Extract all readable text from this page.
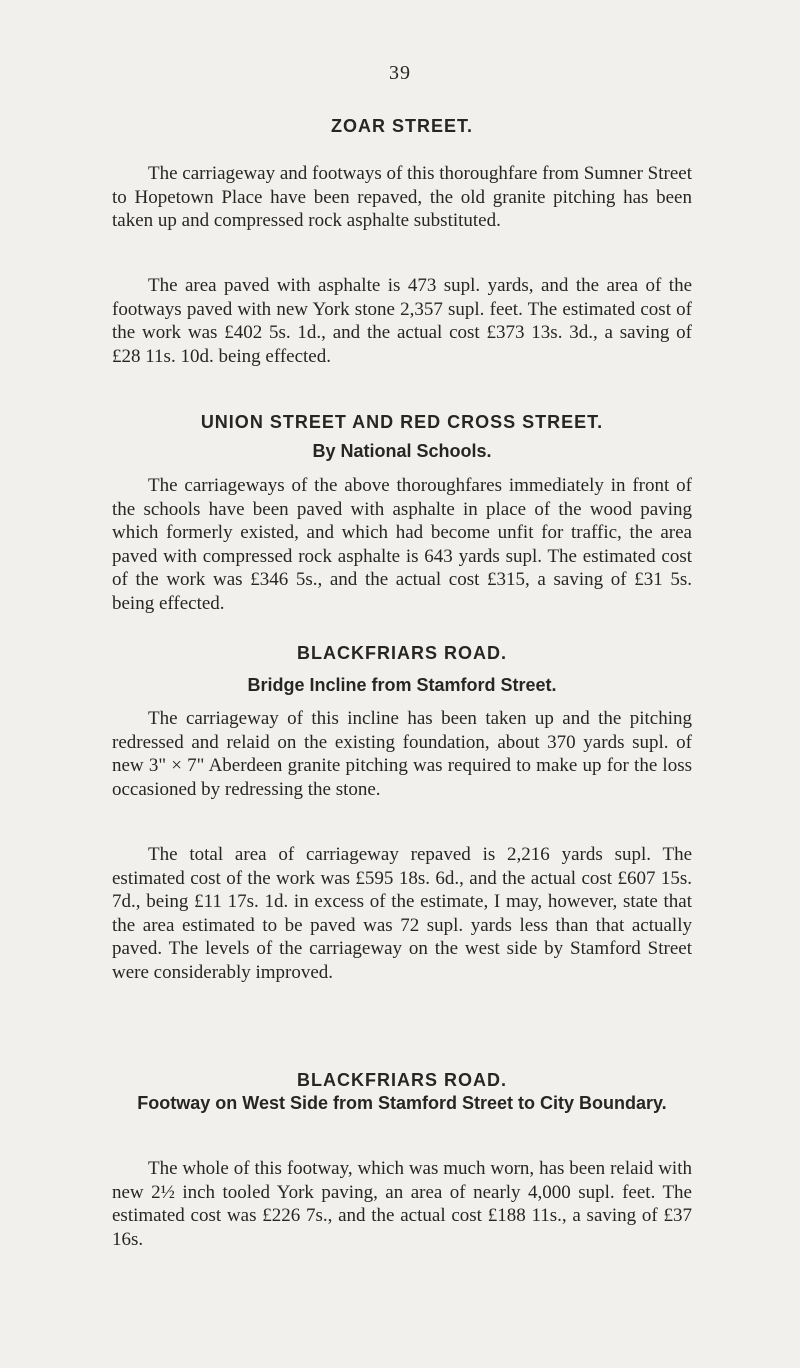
39
ZOAR STREET.

The carriageway and footways of this thoroughfare from Sumner Street to Hopetown Place have been repaved, the old granite pitching has been taken up and compressed rock asphalte substituted.

The area paved with asphalte is 473 supl. yards, and the area of the footways paved with new York stone 2,357 supl. feet. The estimated cost of the work was £402 5s. 1d., and the actual cost £373 13s. 3d., a saving of £28 11s. 10d. being effected.

UNION STREET AND RED CROSS STREET.
By National Schools.

The carriageways of the above thoroughfares immediately in front of the schools have been paved with asphalte in place of the wood paving which formerly existed, and which had become unfit for traffic, the area paved with compressed rock asphalte is 643 yards supl. The estimated cost of the work was £346 5s., and the actual cost £315, a saving of £31 5s. being effected.

BLACKFRIARS ROAD.
Bridge Incline from Stamford Street.

The carriageway of this incline has been taken up and the pitching redressed and relaid on the existing foundation, about 370 yards supl. of new 3" × 7" Aberdeen granite pitching was required to make up for the loss occasioned by redressing the stone.

The total area of carriageway repaved is 2,216 yards supl. The estimated cost of the work was £595 18s. 6d., and the actual cost £607 15s. 7d., being £11 17s. 1d. in excess of the estimate, I may, however, state that the area estimated to be paved was 72 supl. yards less than that actually paved. The levels of the carriageway on the west side by Stamford Street were considerably improved.

BLACKFRIARS ROAD.
Footway on West Side from Stamford Street to City Boundary.

The whole of this footway, which was much worn, has been relaid with new 2½ inch tooled York paving, an area of nearly 4,000 supl. feet. The estimated cost was £226 7s., and the actual cost £188 11s., a saving of £37 16s.
